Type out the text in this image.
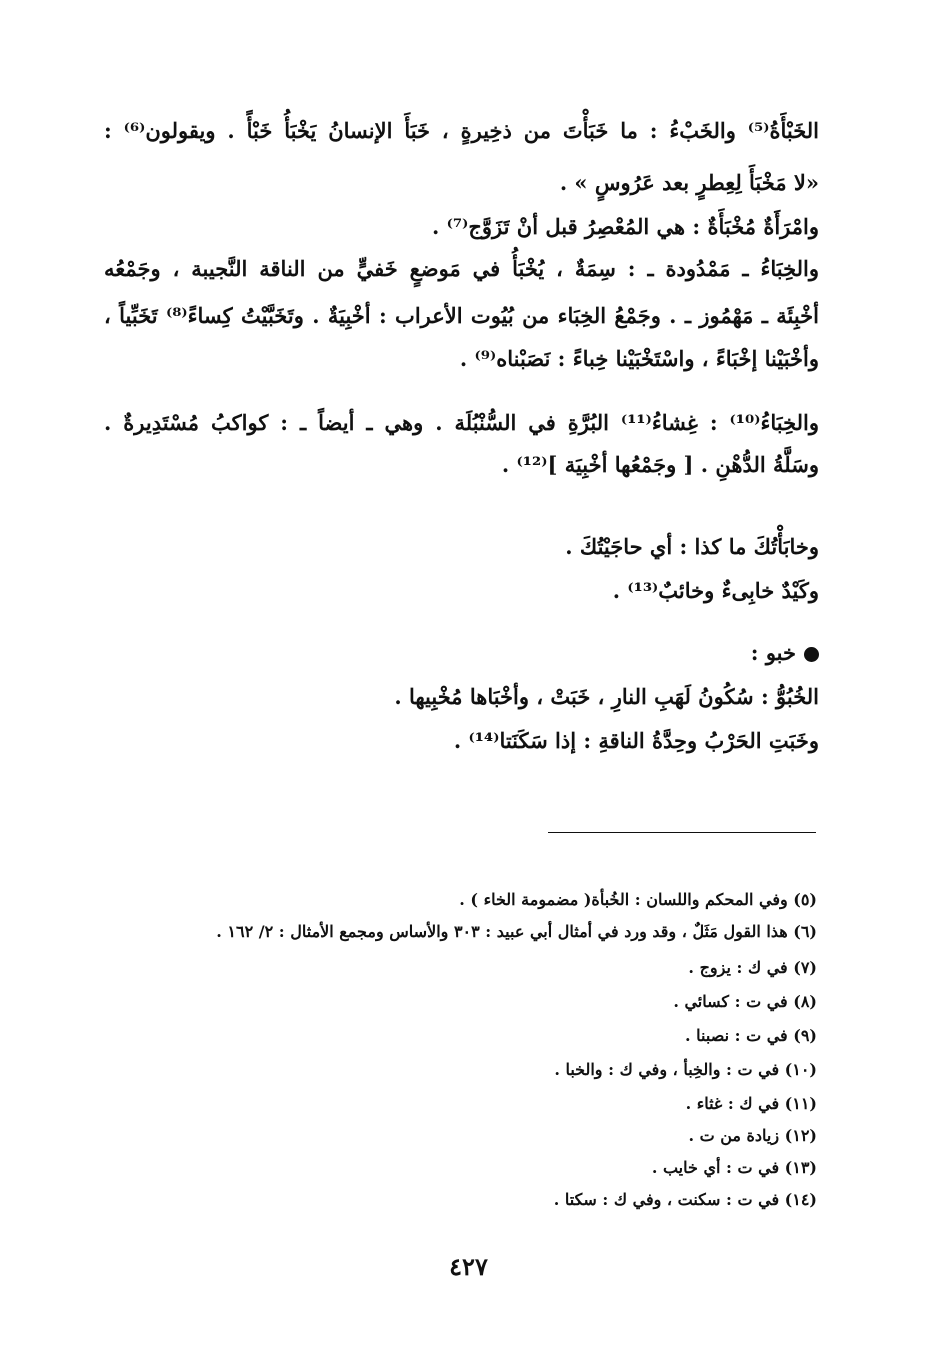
الخَبْأَةُ⁽⁵⁾ والخَبْءُ : ما خَبَأْتَ من ذخِيرةٍ ، خَبَأَ الإنسانُ يَخْبَأُ خَبْأً . ويقولون⁽⁶⁾ :
«لا مَخْبَأَ لِعِطرٍ بعد عَرُوسٍ » .
وامْرَأَةٌ مُخْبَأَةٌ : هي المُعْصِرُ قبل أنْ تَزَوَّج⁽⁷⁾ .
والخِبَاءُ ـ مَمْدُودة ـ : سِمَةٌ ، يُخْبَأُ في مَوضعٍ خَفيٍّ من الناقة النَّجيبة ، وجَمْعُه
أخْبِئَة ـ مَهْمُوز ـ . وجَمْعُ الخِبَاء من بُيُوت الأعراب : أخْبِيَةٌ . وتَخَبَّيْتُ كِساءً⁽⁸⁾ تَخَبِّياً ،
وأخْبَيْنا إخْبَاءً ، واسْتَخْبَيْنا خِباءً : نَصَبْناه⁽⁹⁾ .
والخِبَاءُ⁽¹⁰⁾ : غِشاءُ⁽¹¹⁾ البُرَّةِ في السُّنْبُلَة . وهي ـ أيضاً ـ : كواكبُ مُسْتَدِيرةٌ .
وسَلَّةُ الدُّهْنِ . [ وجَمْعُها أخْبِيَة ]⁽¹²⁾ .
وخابَأْتُكَ ما كذا : أي حاجَيْتُكَ .
وكَيْدٌ خابِىءٌ وخائبٌ⁽¹³⁾ .
خبو :
الخُبُوُّ : سُكُونُ لَهَبِ النارِ ، خَبَتْ ، وأخْبَاها مُخْبِيها .
وخَبَتِ الحَرْبُ وحِدَّةُ الناقةِ : إذا سَكَنَتا⁽¹⁴⁾ .
(٥) وفي المحكم واللسان : الخُبأة( مضمومة الخاء ) .
(٦) هذا القول مَثَلٌ ، وقد ورد في أمثال أبي عبيد : ٣٠٣ والأساس ومجمع الأمثال : ٢/ ١٦٢ .
(٧) في ك : يزوج .
(٨) في ت : كسائي .
(٩) في ت : نصبنا .
(١٠) في ت : والخِبأ ، وفي ك : والخبا .
(١١) في ك : غثاء .
(١٢) زيادة من ت .
(١٣) في ت : أي خايب .
(١٤) في ت : سكنت ، وفي ك : سكتا .
٤٢٧
